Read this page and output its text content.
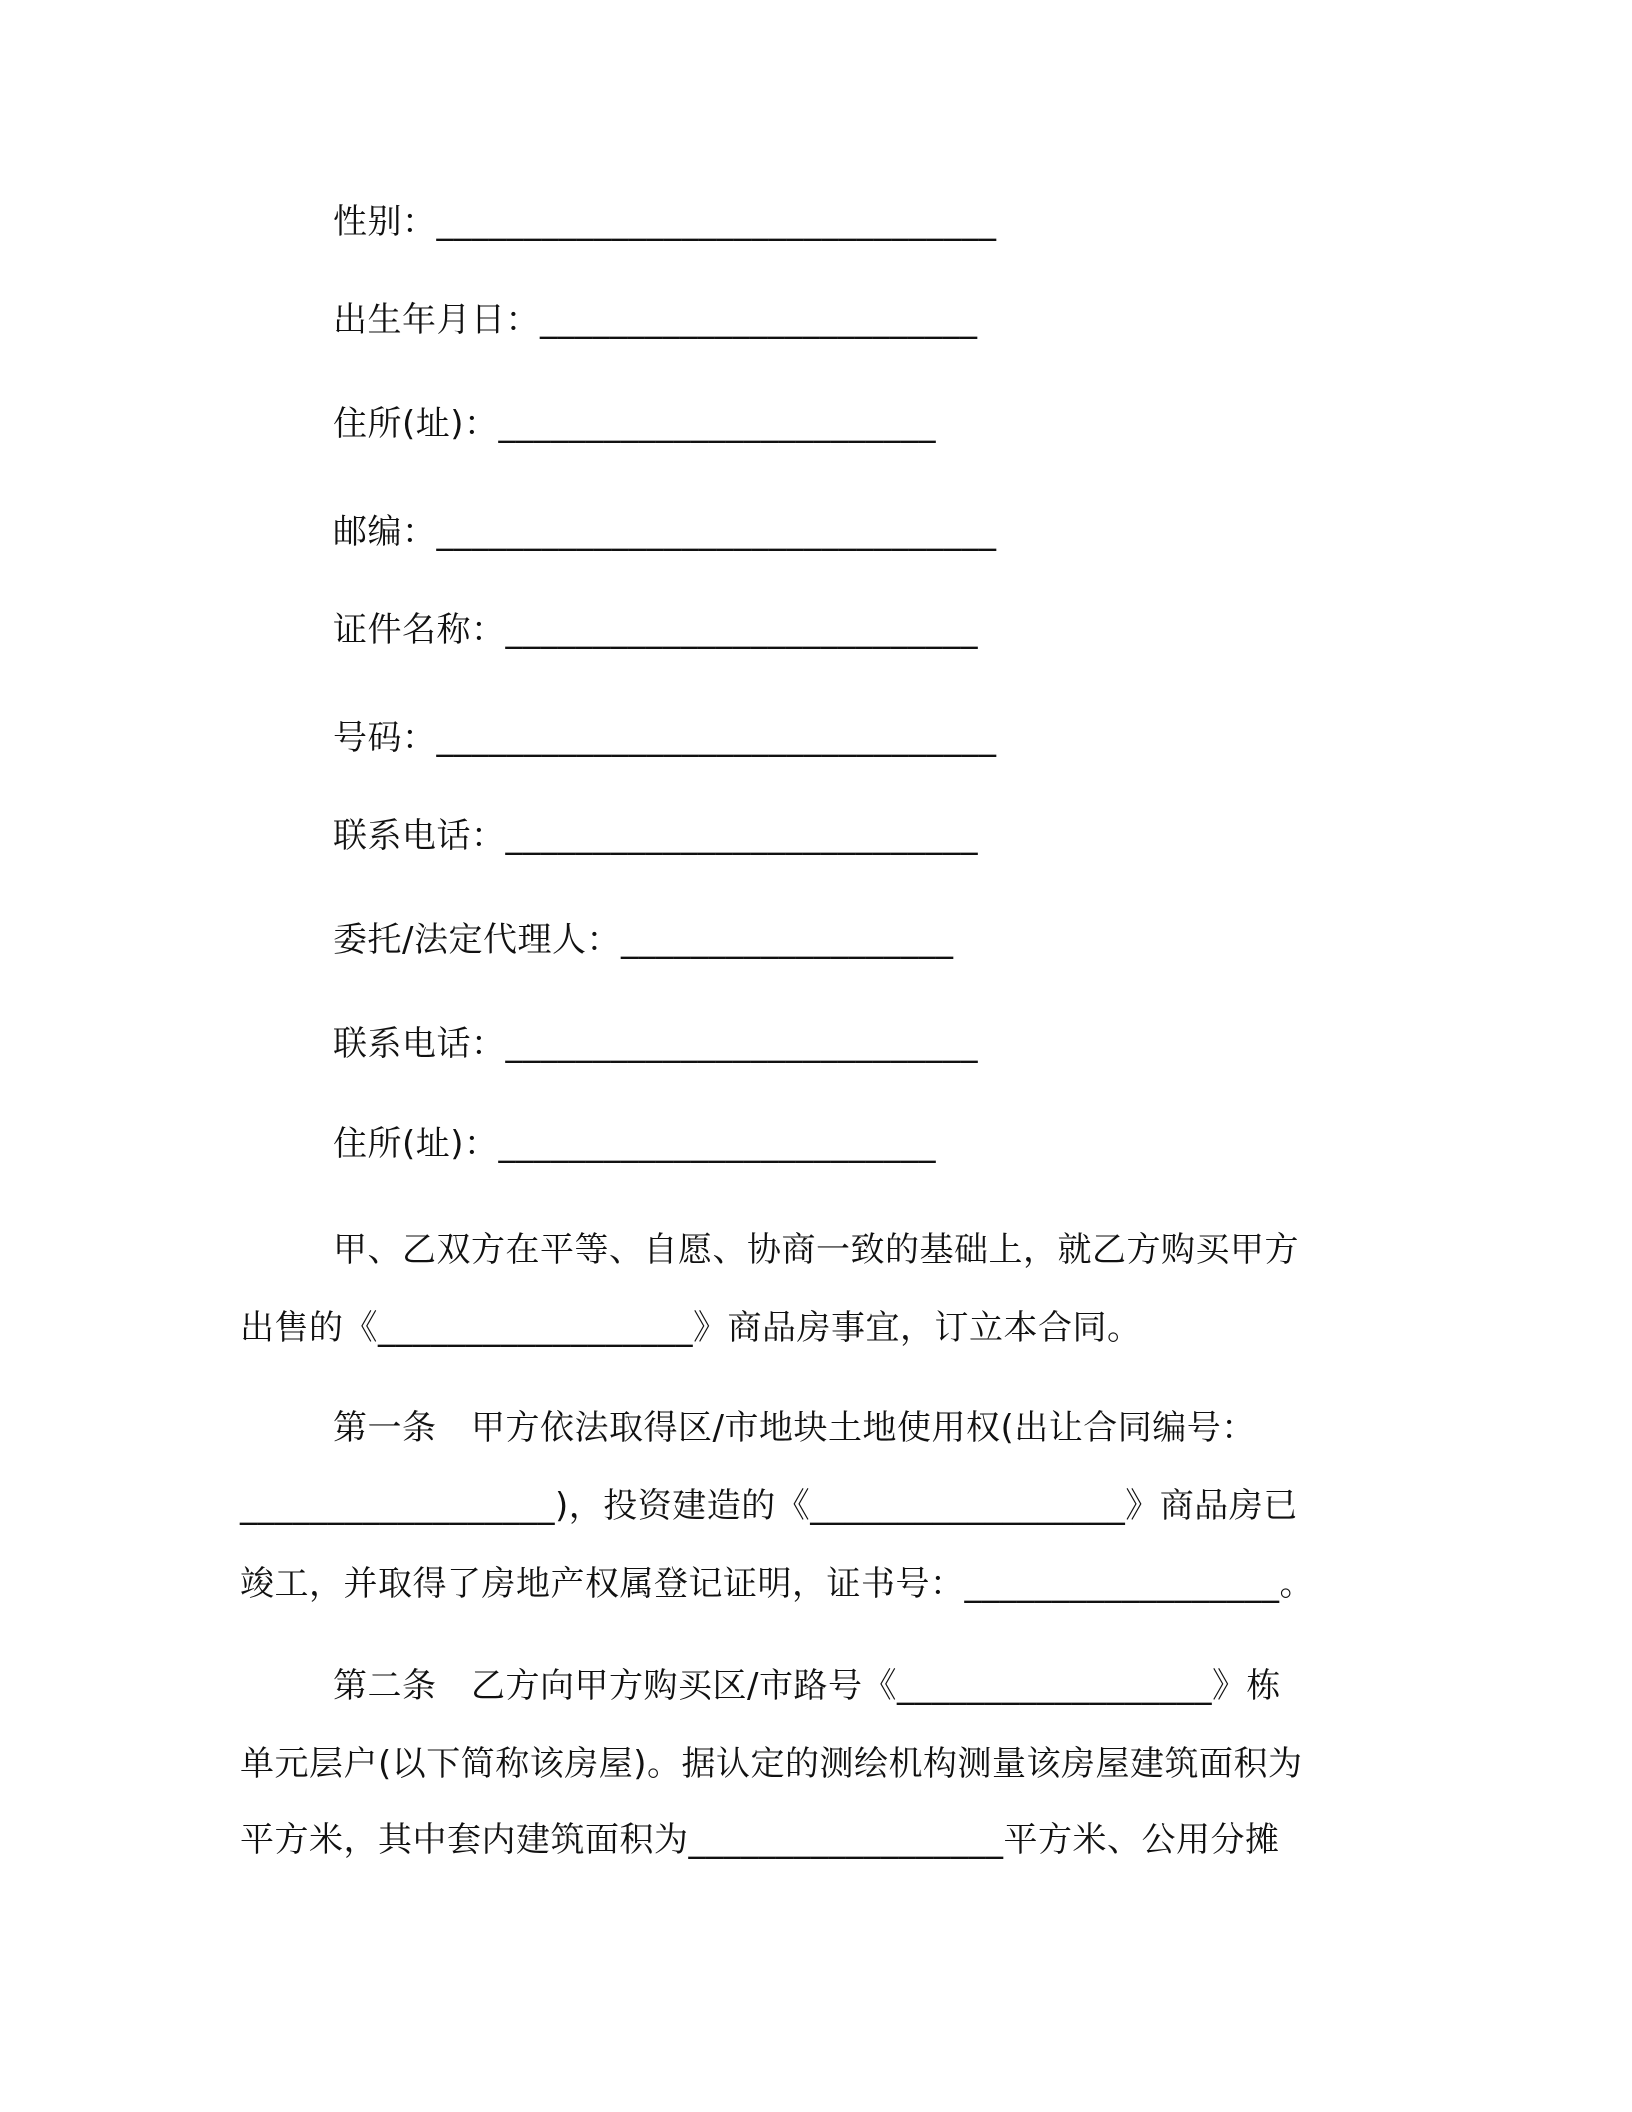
性别：________________________________
出生年月日：_________________________
住所(址)：_________________________
邮编：________________________________
证件名称：___________________________
号码：________________________________
联系电话：___________________________
委托/法定代理人：___________________
联系电话：___________________________
住所(址)：_________________________
甲、乙双方在平等、自愿、协商一致的基础上，就乙方购买甲方
出售的《__________________》商品房事宜，订立本合同。
第一条　甲方依法取得区/市地块土地使用权(出让合同编号：
__________________)，投资建造的《__________________》商品房已
竣工，并取得了房地产权属登记证明，证书号：__________________。
第二条　乙方向甲方购买区/市路号《__________________》栋
单元层户(以下简称该房屋)。据认定的测绘机构测量该房屋建筑面积为
平方米，其中套内建筑面积为__________________平方米、公用分摊
